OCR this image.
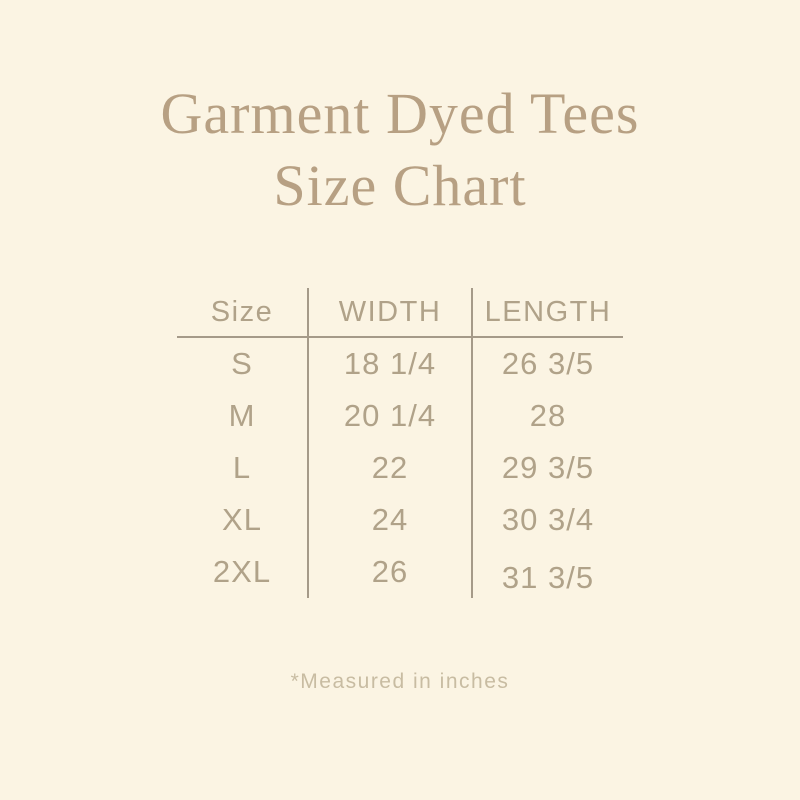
Garment Dyed Tees
Size Chart
Size	WIDTH	LENGTH
S	18 1/4	26 3/5
M	20 1/4	28
L	22	29 3/5
XL	24	30 3/4
2XL	26	31 3/5
*Measured in inches
